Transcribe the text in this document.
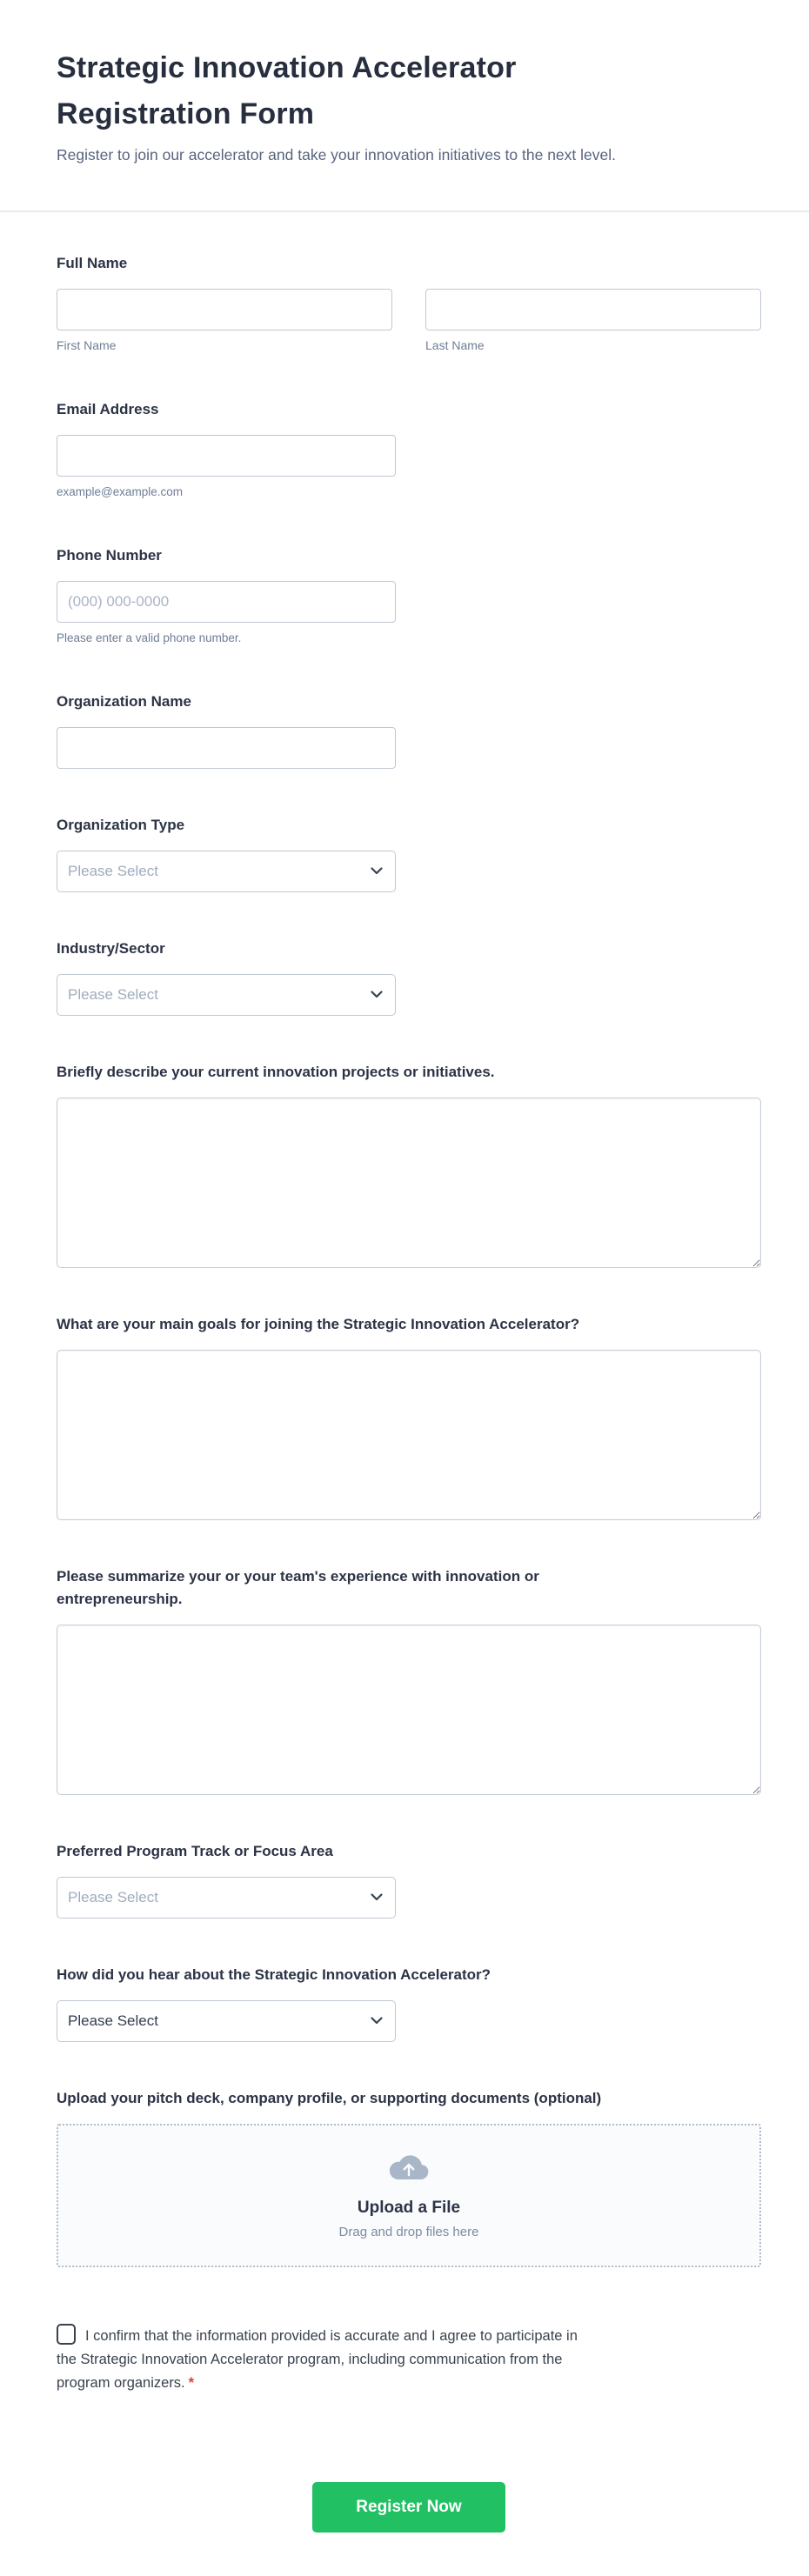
Strategic Innovation Accelerator Registration Form

Register to join our accelerator and take your innovation initiatives to the next level.

Full Name
First Name	Last Name
Email Address
example@example.com
Phone Number
(000) 000-0000
Please enter a valid phone number.
Organization Name
Organization Type
Please Select
Industry/Sector
Please Select
Briefly describe your current innovation projects or initiatives.
What are your main goals for joining the Strategic Innovation Accelerator?
Please summarize your or your team's experience with innovation or entrepreneurship.
Preferred Program Track or Focus Area
Please Select
How did you hear about the Strategic Innovation Accelerator?
Please Select
Upload your pitch deck, company profile, or supporting documents (optional)
Upload a File
Drag and drop files here
I confirm that the information provided is accurate and I agree to participate in the Strategic Innovation Accelerator program, including communication from the program organizers. *
Register Now
